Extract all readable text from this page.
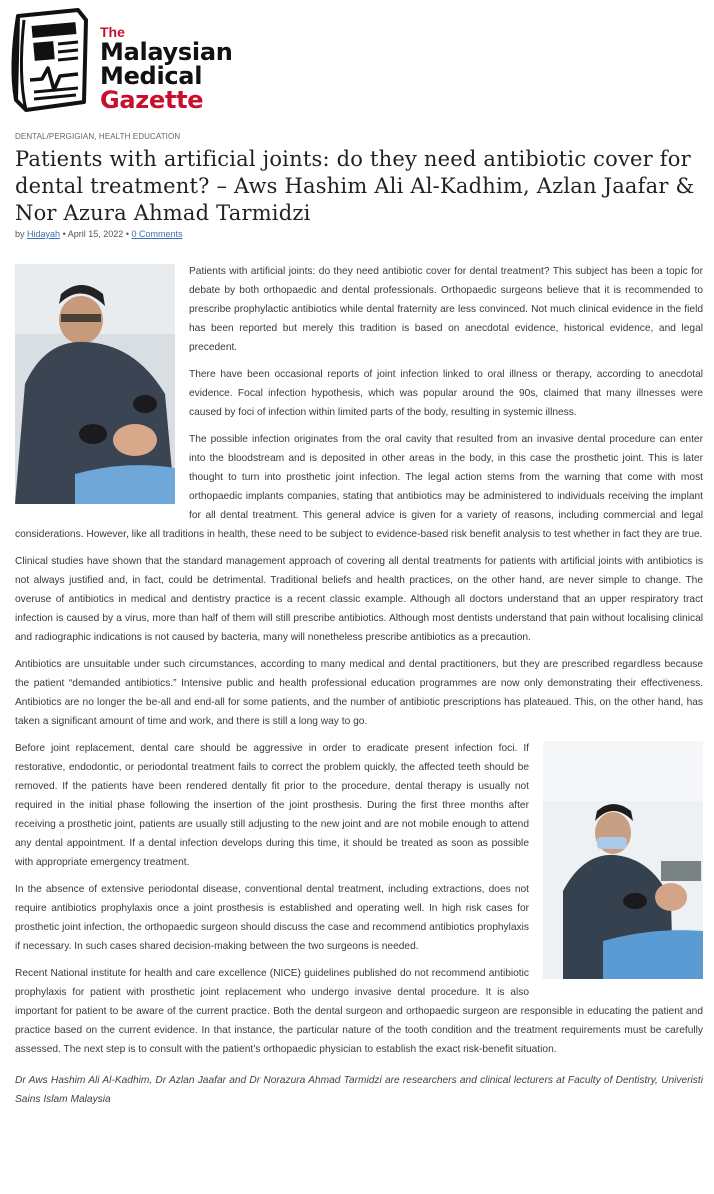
The
Malaysian
Medical
Gazette
DENTAL/PERGIGIAN, HEALTH EDUCATION
Patients with artificial joints: do they need antibiotic cover for dental treatment? – Aws Hashim Ali Al-Kadhim, Azlan Jaafar & Nor Azura Ahmad Tarmidzi
by Hidayah • April 15, 2022 • 0 Comments

Patients with artificial joints: do they need antibiotic cover for dental treatment? This subject has been a topic for debate by both orthopaedic and dental professionals. Orthopaedic surgeons believe that it is recommended to prescribe prophylactic antibiotics while dental fraternity are less convinced. Not much clinical evidence in the field has been reported but merely this tradition is based on anecdotal evidence, historical evidence, and legal precedent.

There have been occasional reports of joint infection linked to oral illness or therapy, according to anecdotal evidence. Focal infection hypothesis, which was popular around the 90s, claimed that many illnesses were caused by foci of infection within limited parts of the body, resulting in systemic illness.

The possible infection originates from the oral cavity that resulted from an invasive dental procedure can enter into the bloodstream and is deposited in other areas in the body, in this case the prosthetic joint. This is later thought to turn into prosthetic joint infection. The legal action stems from the warning that come with most orthopaedic implants companies, stating that antibiotics may be administered to individuals receiving the implant for all dental treatment. This general advice is given for a variety of reasons, including commercial and legal considerations. However, like all traditions in health, these need to be subject to evidence-based risk benefit analysis to test whether in fact they are true.

Clinical studies have shown that the standard management approach of covering all dental treatments for patients with artificial joints with antibiotics is not always justified and, in fact, could be detrimental. Traditional beliefs and health practices, on the other hand, are never simple to change. The overuse of antibiotics in medical and dentistry practice is a recent classic example. Although all doctors understand that an upper respiratory tract infection is caused by a virus, more than half of them will still prescribe antibiotics. Although most dentists understand that pain without localising clinical and radiographic indications is not caused by bacteria, many will nonetheless prescribe antibiotics as a precaution.

Antibiotics are unsuitable under such circumstances, according to many medical and dental practitioners, but they are prescribed regardless because the patient “demanded antibiotics.” Intensive public and health professional education programmes are now only demonstrating their effectiveness. Antibiotics are no longer the be-all and end-all for some patients, and the number of antibiotic prescriptions has plateaued. This, on the other hand, has taken a significant amount of time and work, and there is still a long way to go.

Before joint replacement, dental care should be aggressive in order to eradicate present infection foci. If restorative, endodontic, or periodontal treatment fails to correct the problem quickly, the affected teeth should be removed. If the patients have been rendered dentally fit prior to the procedure, dental therapy is usually not required in the initial phase following the insertion of the joint prosthesis. During the first three months after receiving a prosthetic joint, patients are usually still adjusting to the new joint and are not mobile enough to attend any dental appointment. If a dental infection develops during this time, it should be treated as soon as possible with appropriate emergency treatment.

In the absence of extensive periodontal disease, conventional dental treatment, including extractions, does not require antibiotics prophylaxis once a joint prosthesis is established and operating well. In high risk cases for prosthetic joint infection, the orthopaedic surgeon should discuss the case and recommend antibiotics prophylaxis if necessary. In such cases shared decision-making between the two surgeons is needed.

Recent National institute for health and care excellence (NICE) guidelines published do not recommend antibiotic prophylaxis for patient with prosthetic joint replacement who undergo invasive dental procedure. It is also important for patient to be aware of the current practice. Both the dental surgeon and orthopaedic surgeon are responsible in educating the patient and practice based on the current evidence. In that instance, the particular nature of the tooth condition and the treatment requirements must be carefully assessed. The next step is to consult with the patient’s orthopaedic physician to establish the exact risk-benefit situation.

Dr Aws Hashim Ali Al-Kadhim, Dr Azlan Jaafar and Dr Norazura Ahmad Tarmidzi are researchers and clinical lecturers at Faculty of Dentistry, Univeristi Sains Islam Malaysia
